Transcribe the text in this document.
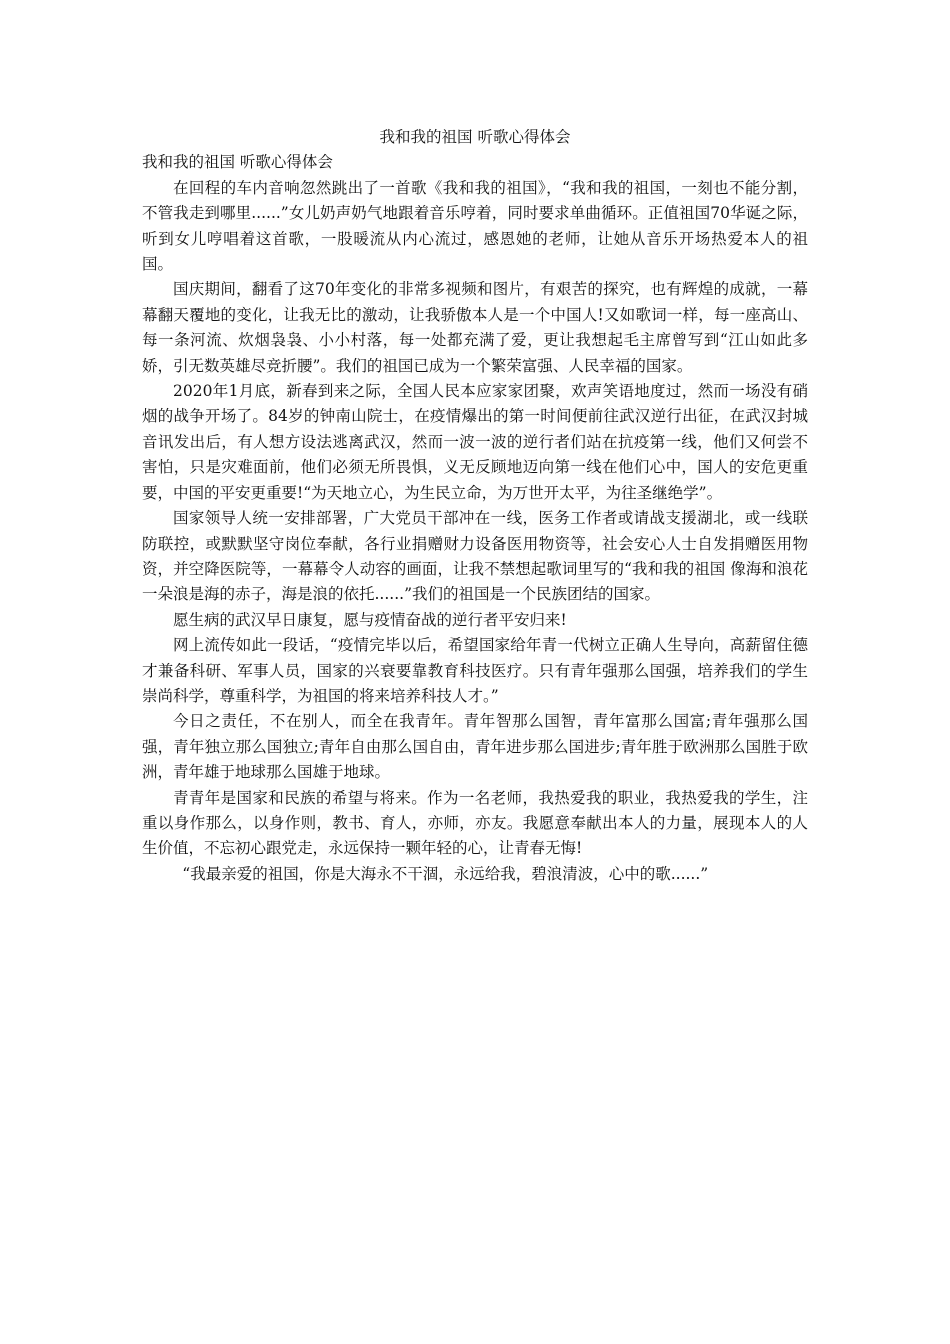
我和我的祖国 听歌心得体会

我和我的祖国 听歌心得体会

在回程的车内音响忽然跳出了一首歌《我和我的祖国》，“我和我的祖国，一刻也不能分割，不管我走到哪里......”女儿奶声奶气地跟着音乐哼着，同时要求单曲循环。正值祖国70华诞之际，听到女儿哼唱着这首歌，一股暖流从内心流过，感恩她的老师，让她从音乐开场热爱本人的祖国。

国庆期间，翻看了这70年变化的非常多视频和图片，有艰苦的探究，也有辉煌的成就，一幕幕翻天覆地的变化，让我无比的激动，让我骄傲本人是一个中国人!又如歌词一样，每一座高山、每一条河流、炊烟袅袅、小小村落，每一处都充满了爱，更让我想起毛主席曾写到“江山如此多娇，引无数英雄尽竞折腰”。我们的祖国已成为一个繁荣富强、人民幸福的国家。

2020年1月底，新春到来之际，全国人民本应家家团聚，欢声笑语地度过，然而一场没有硝烟的战争开场了。84岁的钟南山院士，在疫情爆出的第一时间便前往武汉逆行出征，在武汉封城音讯发出后，有人想方设法逃离武汉，然而一波一波的逆行者们站在抗疫第一线，他们又何尝不害怕，只是灾难面前，他们必须无所畏惧，义无反顾地迈向第一线在他们心中，国人的安危更重要，中国的平安更重要!“为天地立心，为生民立命，为万世开太平，为往圣继绝学”。

国家领导人统一安排部署，广大党员干部冲在一线，医务工作者或请战支援湖北，或一线联防联控，或默默坚守岗位奉献，各行业捐赠财力设备医用物资等，社会安心人士自发捐赠医用物资，并空降医院等，一幕幕令人动容的画面，让我不禁想起歌词里写的“我和我的祖国 像海和浪花一朵浪是海的赤子，海是浪的依托......”我们的祖国是一个民族团结的国家。

愿生病的武汉早日康复，愿与疫情奋战的逆行者平安归来!

网上流传如此一段话，“疫情完毕以后，希望国家给年青一代树立正确人生导向，高薪留住德才兼备科研、军事人员，国家的兴衰要靠教育科技医疗。只有青年强那么国强，培养我们的学生崇尚科学，尊重科学，为祖国的将来培养科技人才。”

今日之责任，不在别人，而全在我青年。青年智那么国智，青年富那么国富;青年强那么国强，青年独立那么国独立;青年自由那么国自由，青年进步那么国进步;青年胜于欧洲那么国胜于欧洲，青年雄于地球那么国雄于地球。

青青年是国家和民族的希望与将来。作为一名老师，我热爱我的职业，我热爱我的学生，注重以身作那么，以身作则，教书、育人，亦师，亦友。我愿意奉献出本人的力量，展现本人的人生价值，不忘初心跟党走，永远保持一颗年轻的心，让青春无悔!

“我最亲爱的祖国，你是大海永不干涸，永远给我，碧浪清波，心中的歌......”
